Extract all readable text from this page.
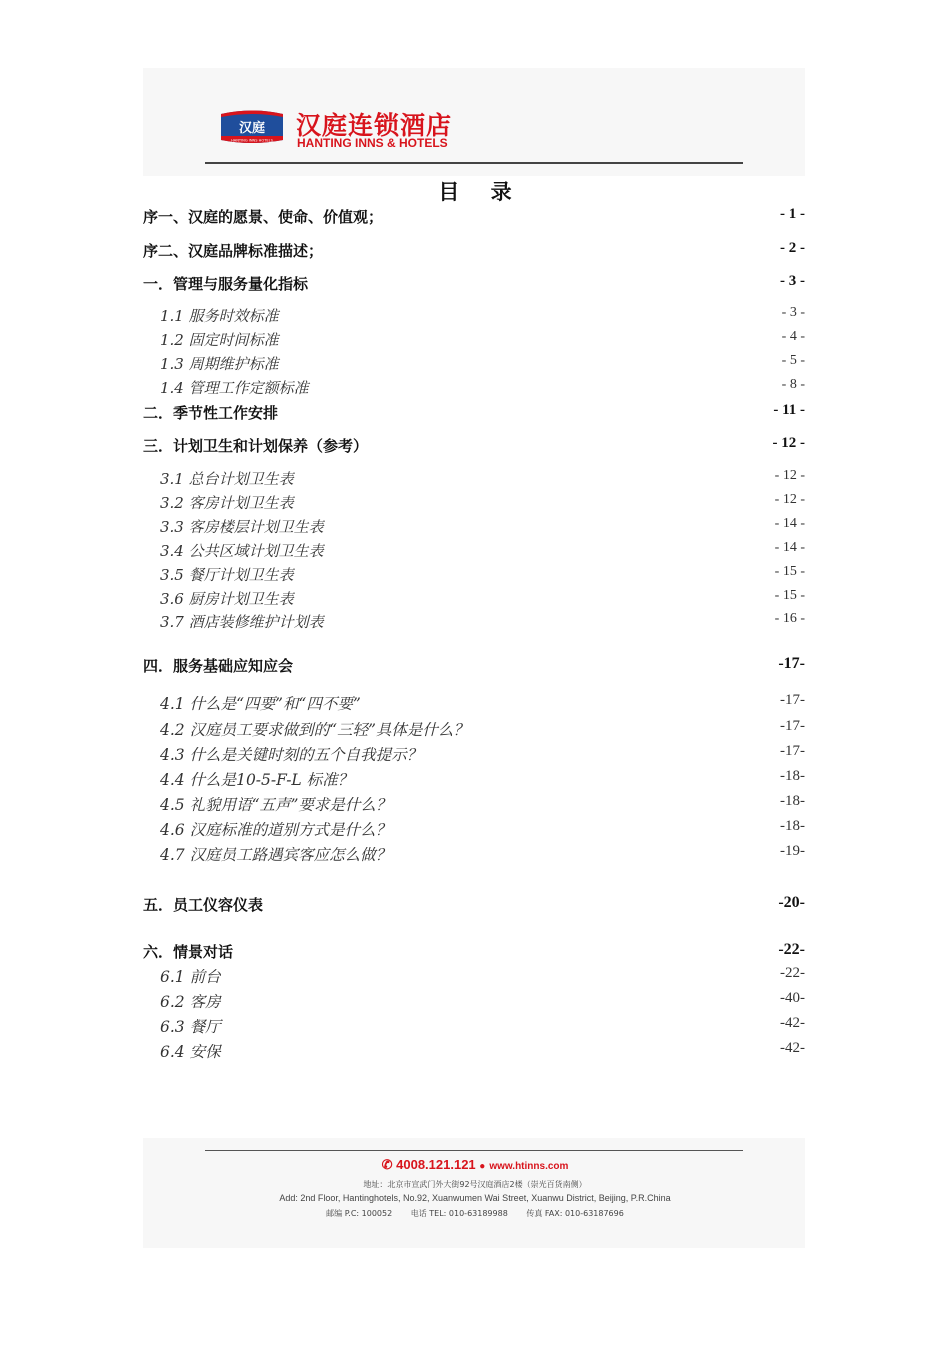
汉庭
HANTING INNS HOTELS
汉庭连锁酒店
HANTING INNS & HOTELS
目 录
序一、汉庭的愿景、使命、价值观；	- 1 -
序二、汉庭品牌标准描述；	- 2 -
一．管理与服务量化指标	- 3 -
1.1 服务时效标准	- 3 -
1.2 固定时间标准	- 4 -
1.3 周期维护标准	- 5 -
1.4 管理工作定额标准	- 8 -
二．季节性工作安排	- 11 -
三．计划卫生和计划保养（参考）	- 12 -
3.1 总台计划卫生表	- 12 -
3.2 客房计划卫生表	- 12 -
3.3 客房楼层计划卫生表	- 14 -
3.4 公共区域计划卫生表	- 14 -
3.5 餐厅计划卫生表	- 15 -
3.6 厨房计划卫生表	- 15 -
3.7 酒店装修维护计划表	- 16 -
四．服务基础应知应会	-17-
4.1 什么是“四要”和“四不要”	-17-
4.2 汉庭员工要求做到的“三轻”具体是什么？	-17-
4.3 什么是关键时刻的五个自我提示？	-17-
4.4 什么是10-5-F-L 标准？	-18-
4.5 礼貌用语“五声”要求是什么？	-18-
4.6 汉庭标准的道别方式是什么？	-18-
4.7 汉庭员工路遇宾客应怎么做？	-19-
五．员工仪容仪表	-20-
六．情景对话	-22-
6.1 前台	-22-
6.2 客房	-40-
6.3 餐厅	-42-
6.4 安保	-42-
✆ 4008.121.121 ● www.htinns.com
地址：北京市宣武门外大街92号汉庭酒店2楼（崇光百货南侧）
Add: 2nd Floor, Hantinghotels, No.92, Xuanwumen Wai Street, Xuanwu District, Beijing, P.R.China
邮编 P.C: 100052 电话 TEL: 010-63189988 传真 FAX: 010-63187696
